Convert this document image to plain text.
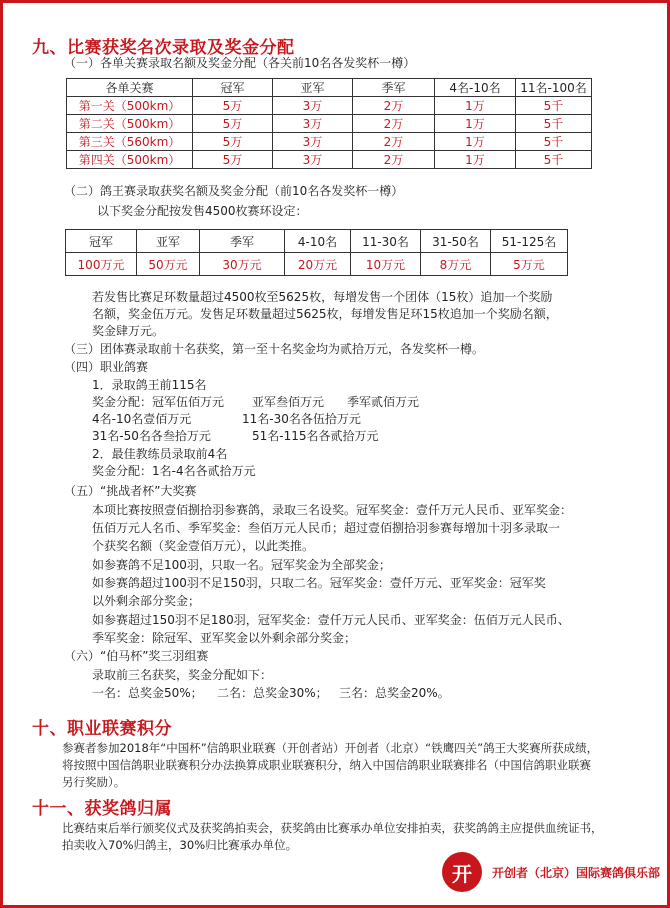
九、比赛获奖名次录取及奖金分配
（一）各单关赛录取名额及奖金分配（各关前10名各发奖杯一樽）
各单关赛	冠军	亚军	季军	4名-10名	11名-100名
第一关（500km）	5万	3万	2万	1万	5千
第二关（500km）	5万	3万	2万	1万	5千
第三关（560km）	5万	3万	2万	1万	5千
第四关（500km）	5万	3万	2万	1万	5千
（二）鸽王赛录取获奖名额及奖金分配（前10名各发奖杯一樽）
以下奖金分配按发售4500枚赛环设定：
冠军	亚军	季军	4-10名	11-30名	31-50名	51-125名
100万元	50万元	30万元	20万元	10万元	8万元	5万元
若发售比赛足环数量超过4500枚至5625枚，每增发售一个团体（15枚）追加一个奖励
名额，奖金伍万元。发售足环数量超过5625枚，每增发售足环15枚追加一个奖励名额，
奖金肆万元。
（三）团体赛录取前十名获奖，第一至十名奖金均为贰拾万元，各发奖杯一樽。
（四）职业鸽赛
1．录取鸽王前115名
奖金分配：冠军伍佰万元 亚军叁佰万元 季军贰佰万元
4名-10名壹佰万元	11名-30名各伍拾万元
31名-50名各叁拾万元	51名-115名各贰拾万元
2．最佳教练员录取前4名
奖金分配：1名-4名各贰拾万元
（五）“挑战者杯”大奖赛
本项比赛按照壹佰捌拾羽参赛鸽，录取三名设奖。冠军奖金：壹仟万元人民币、亚军奖金：
伍佰万元人名币、季军奖金：叁佰万元人民币；超过壹佰捌拾羽参赛每增加十羽多录取一
个获奖名额（奖金壹佰万元），以此类推。
如参赛鸽不足100羽，只取一名。冠军奖金为全部奖金；
如参赛鸽超过100羽不足150羽，只取二名。冠军奖金：壹仟万元、亚军奖金：冠军奖
以外剩余部分奖金；
如参赛超过150羽不足180羽，冠军奖金：壹仟万元人民币、亚军奖金：伍佰万元人民币、
季军奖金：除冠军、亚军奖金以外剩余部分奖金；
（六）“伯马杯”奖三羽组赛
录取前三名获奖，奖金分配如下：
一名：总奖金50%； 二名：总奖金30%； 三名：总奖金20%。
十、职业联赛积分
参赛者参加2018年“中国杯”信鸽职业联赛（开创者站）开创者（北京）“铁鹰四关”鸽王大奖赛所获成绩，
将按照中国信鸽职业联赛积分办法换算成职业联赛积分，纳入中国信鸽职业联赛排名（中国信鸽职业联赛
另行奖励）。
十一、获奖鸽归属
比赛结束后举行颁奖仪式及获奖鸽拍卖会，获奖鸽由比赛承办单位安排拍卖，获奖鸽鸽主应提供血统证书，
拍卖收入70%归鸽主，30%归比赛承办单位。
开	开创者（北京）国际赛鸽俱乐部
